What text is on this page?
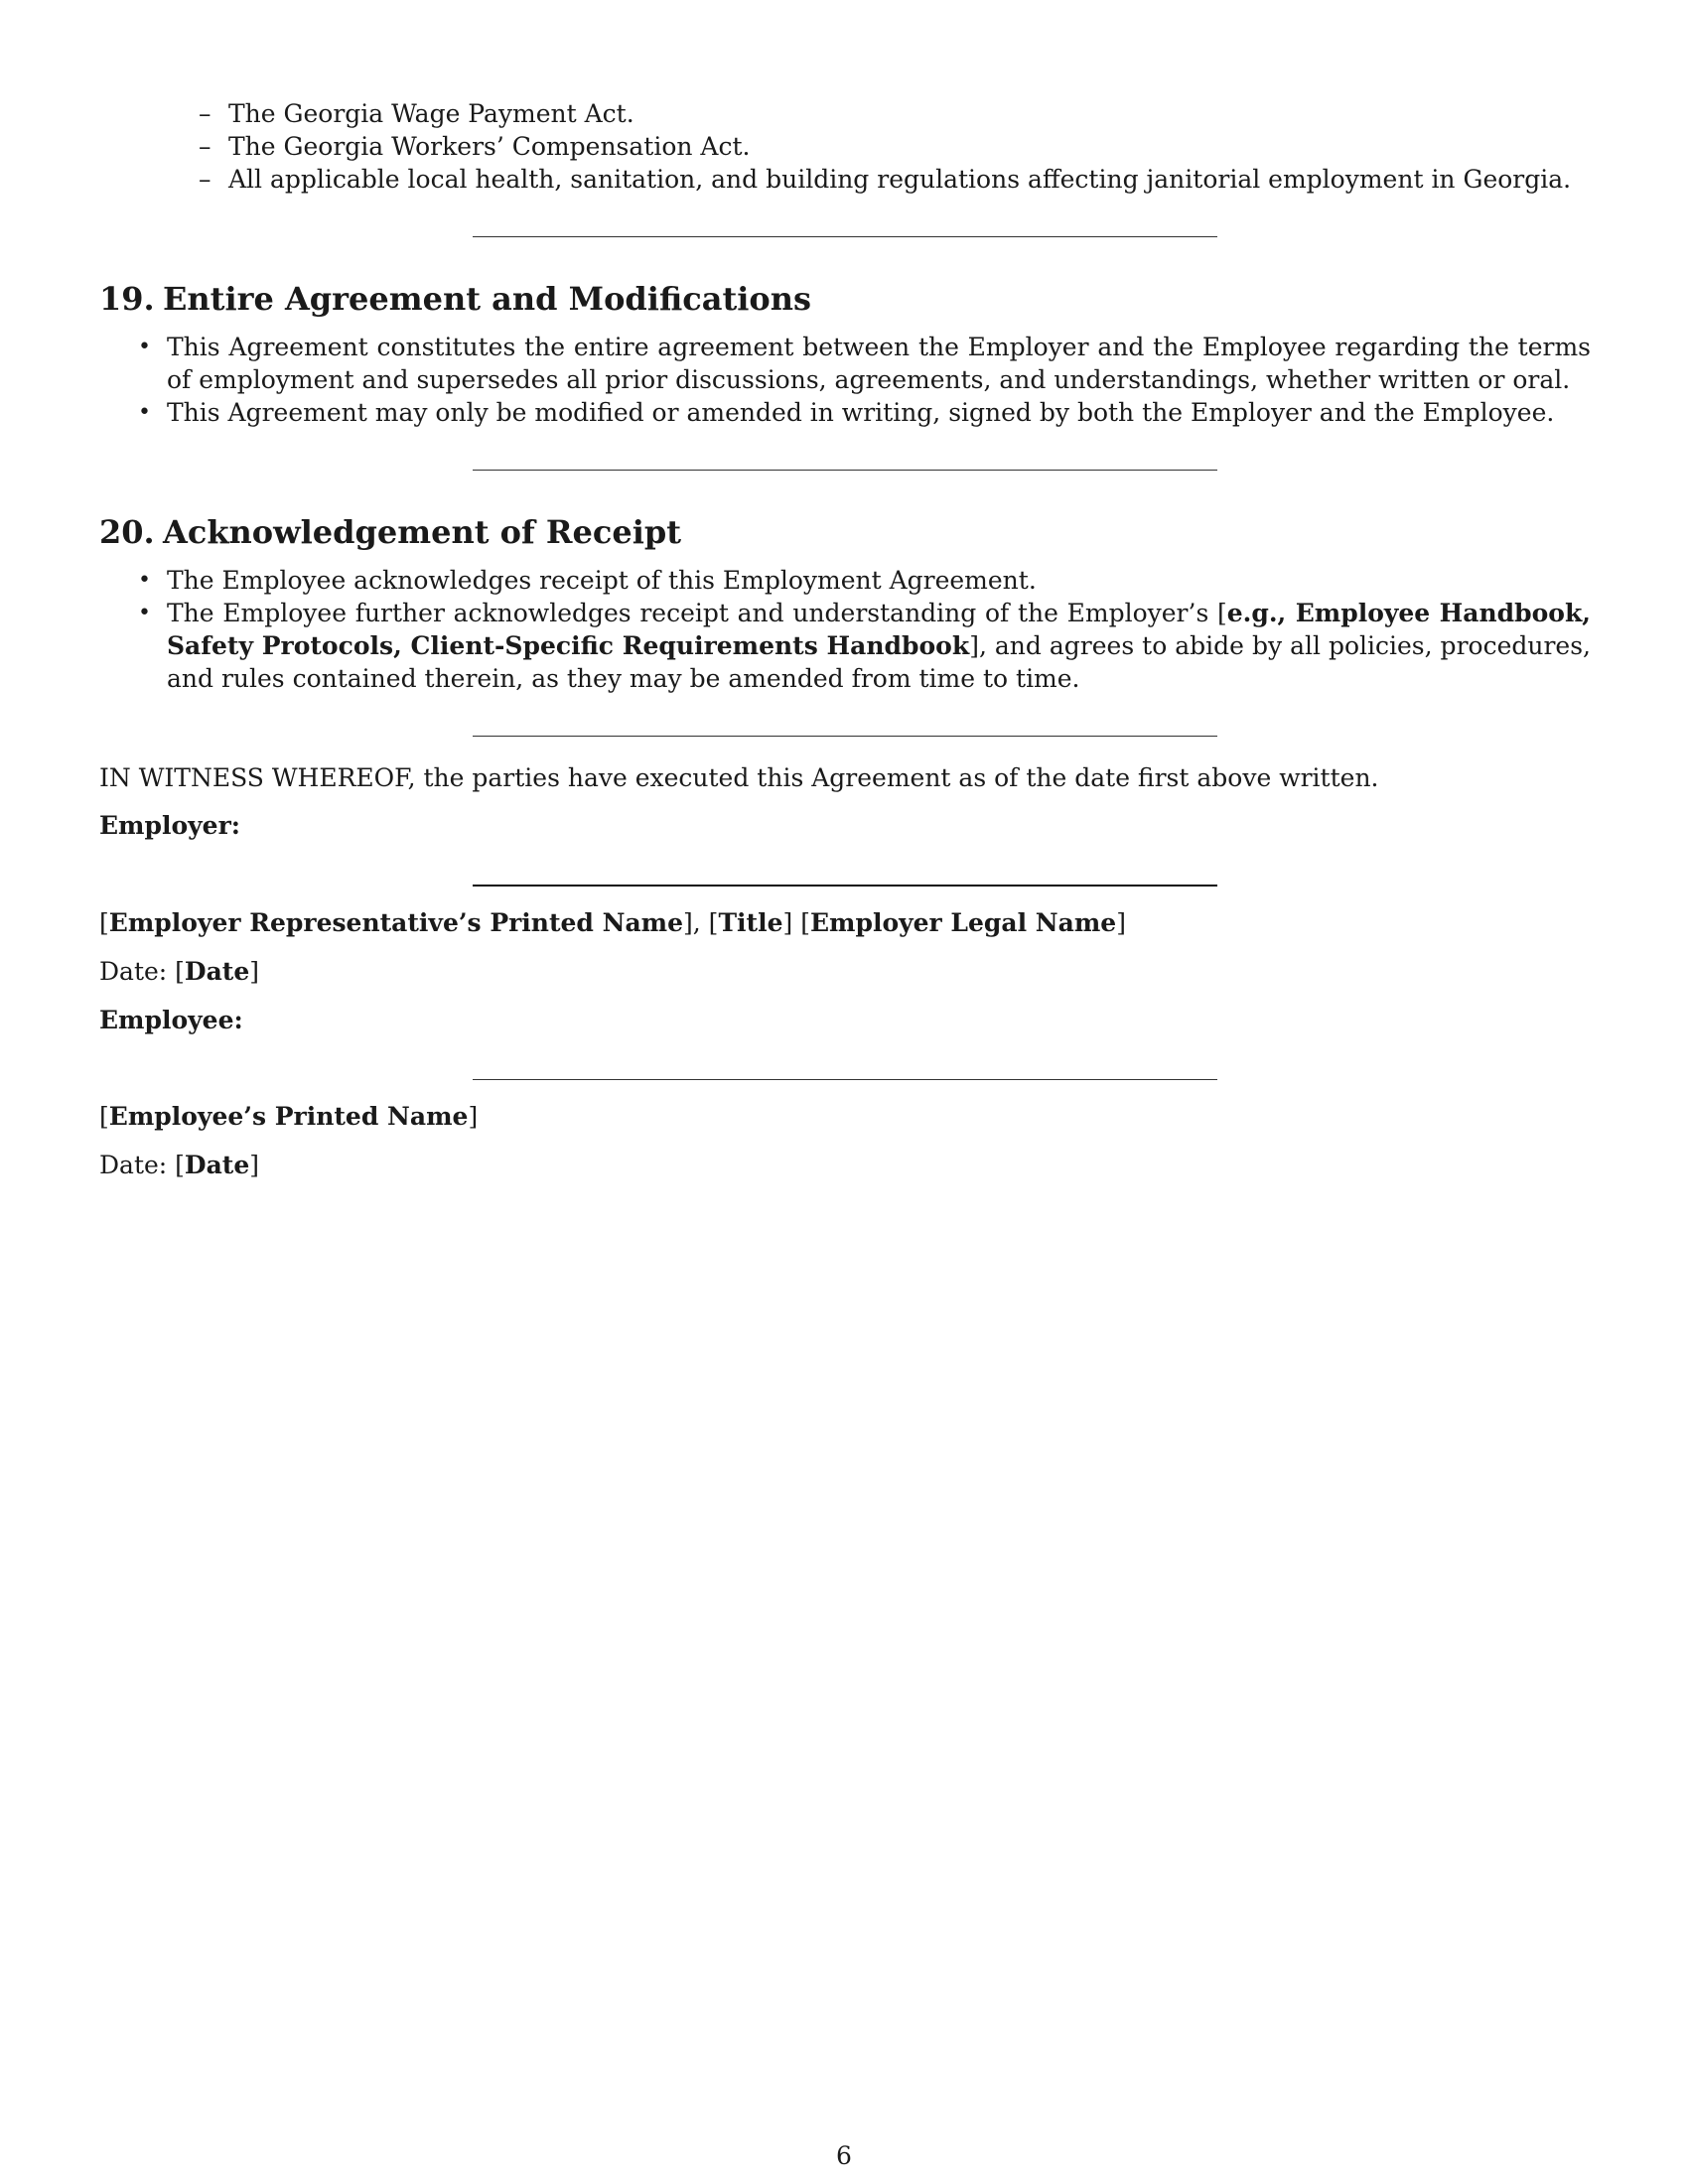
– The Georgia Wage Payment Act.
– The Georgia Workers’ Compensation Act.
– All applicable local health, sanitation, and building regulations affecting janitorial employment in Georgia.
19. Entire Agreement and Modifications
• This Agreement constitutes the entire agreement between the Employer and the Employee regarding the terms of employment and supersedes all prior discussions, agreements, and understandings, whether written or oral.
• This Agreement may only be modified or amended in writing, signed by both the Employer and the Employee.
20. Acknowledgement of Receipt
• The Employee acknowledges receipt of this Employment Agreement.
• The Employee further acknowledges receipt and understanding of the Employer’s [e.g., Employee Handbook, Safety Protocols, Client-Specific Requirements Handbook], and agrees to abide by all policies, procedures, and rules contained therein, as they may be amended from time to time.
IN WITNESS WHEREOF, the parties have executed this Agreement as of the date first above written.
Employer:
[Employer Representative’s Printed Name], [Title] [Employer Legal Name]
Date: [Date]
Employee:
[Employee’s Printed Name]
Date: [Date]
6
